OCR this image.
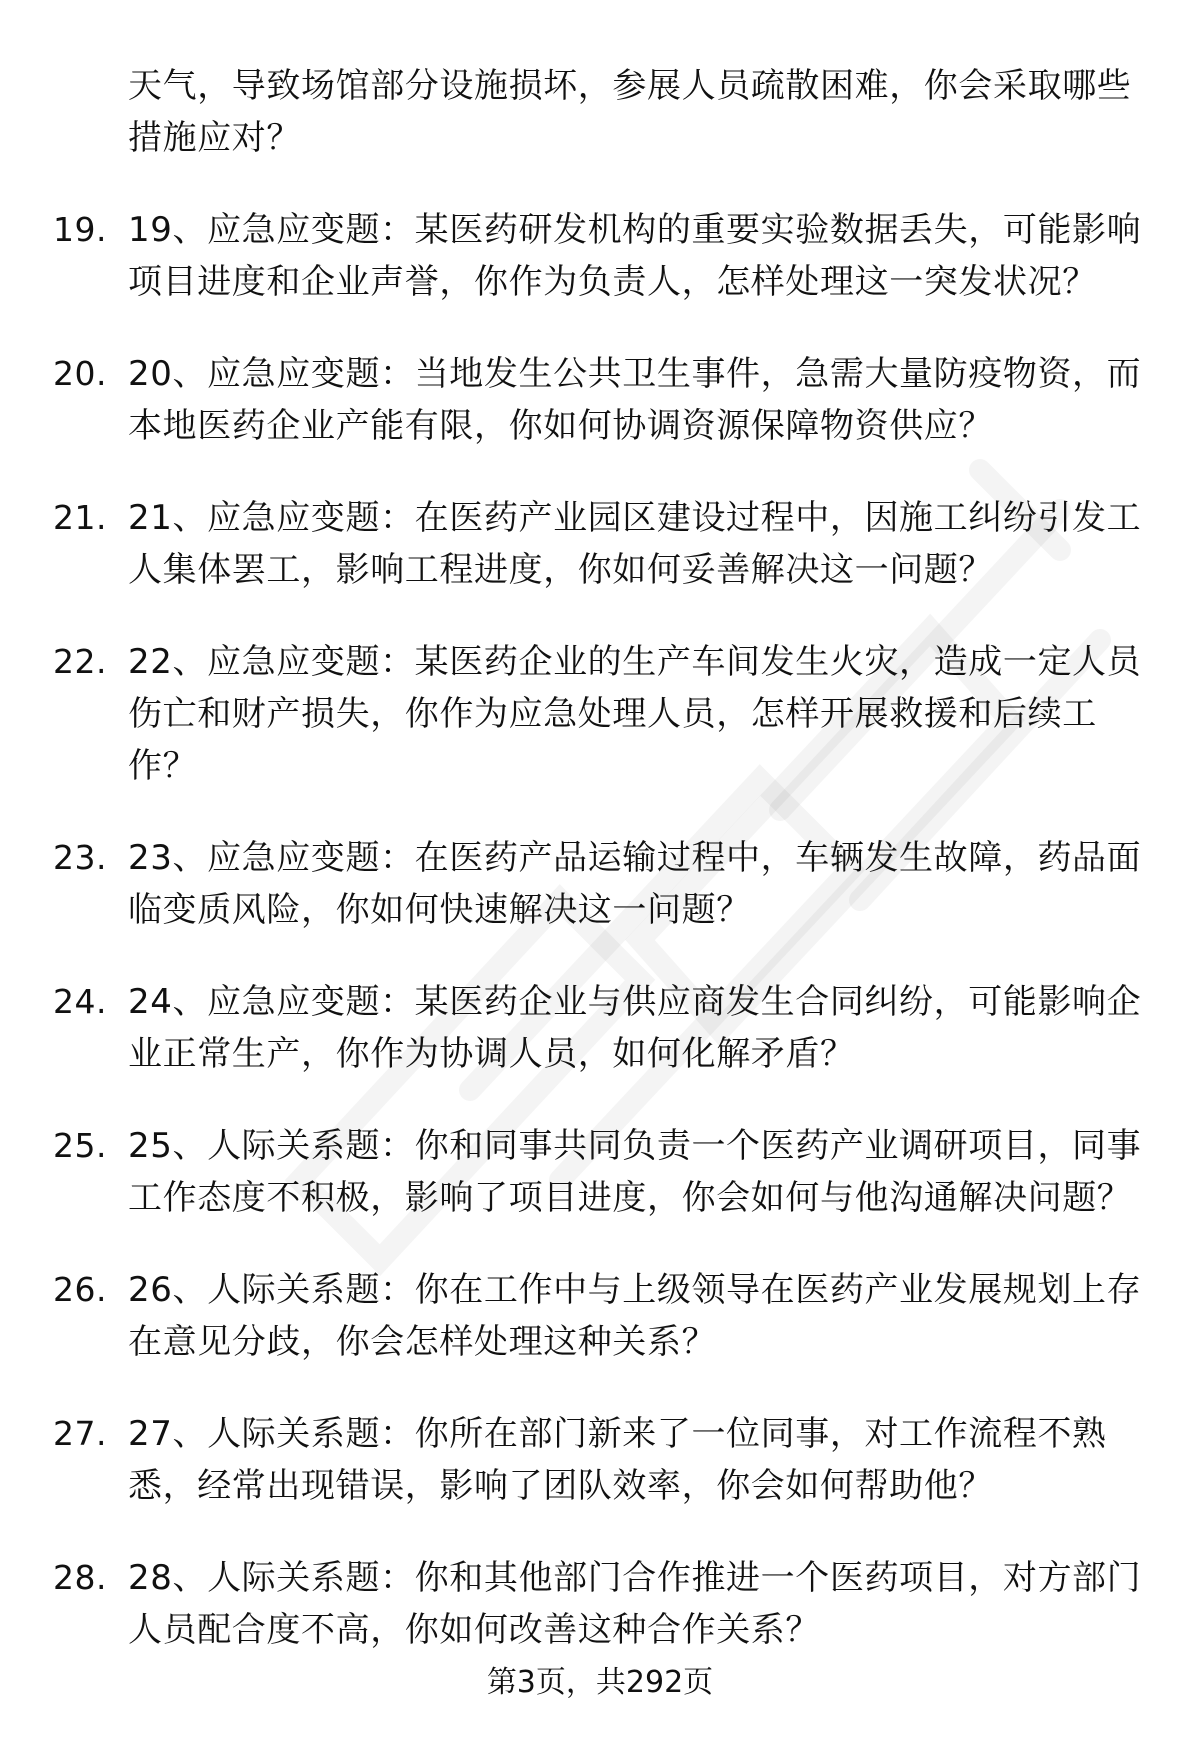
天气，导致场馆部分设施损坏，参展人员疏散困难，你会采取哪些措施应对？
19. 19、应急应变题：某医药研发机构的重要实验数据丢失，可能影响项目进度和企业声誉，你作为负责人，怎样处理这一突发状况？
20. 20、应急应变题：当地发生公共卫生事件，急需大量防疫物资，而本地医药企业产能有限，你如何协调资源保障物资供应？
21. 21、应急应变题：在医药产业园区建设过程中，因施工纠纷引发工人集体罢工，影响工程进度，你如何妥善解决这一问题？
22. 22、应急应变题：某医药企业的生产车间发生火灾，造成一定人员伤亡和财产损失，你作为应急处理人员，怎样开展救援和后续工作？
23. 23、应急应变题：在医药产品运输过程中，车辆发生故障，药品面临变质风险，你如何快速解决这一问题？
24. 24、应急应变题：某医药企业与供应商发生合同纠纷，可能影响企业正常生产，你作为协调人员，如何化解矛盾？
25. 25、人际关系题：你和同事共同负责一个医药产业调研项目，同事工作态度不积极，影响了项目进度，你会如何与他沟通解决问题？
26. 26、人际关系题：你在工作中与上级领导在医药产业发展规划上存在意见分歧，你会怎样处理这种关系？
27. 27、人际关系题：你所在部门新来了一位同事，对工作流程不熟悉，经常出现错误，影响了团队效率，你会如何帮助他？
28. 28、人际关系题：你和其他部门合作推进一个医药项目，对方部门人员配合度不高，你如何改善这种合作关系？
第3页，共292页
